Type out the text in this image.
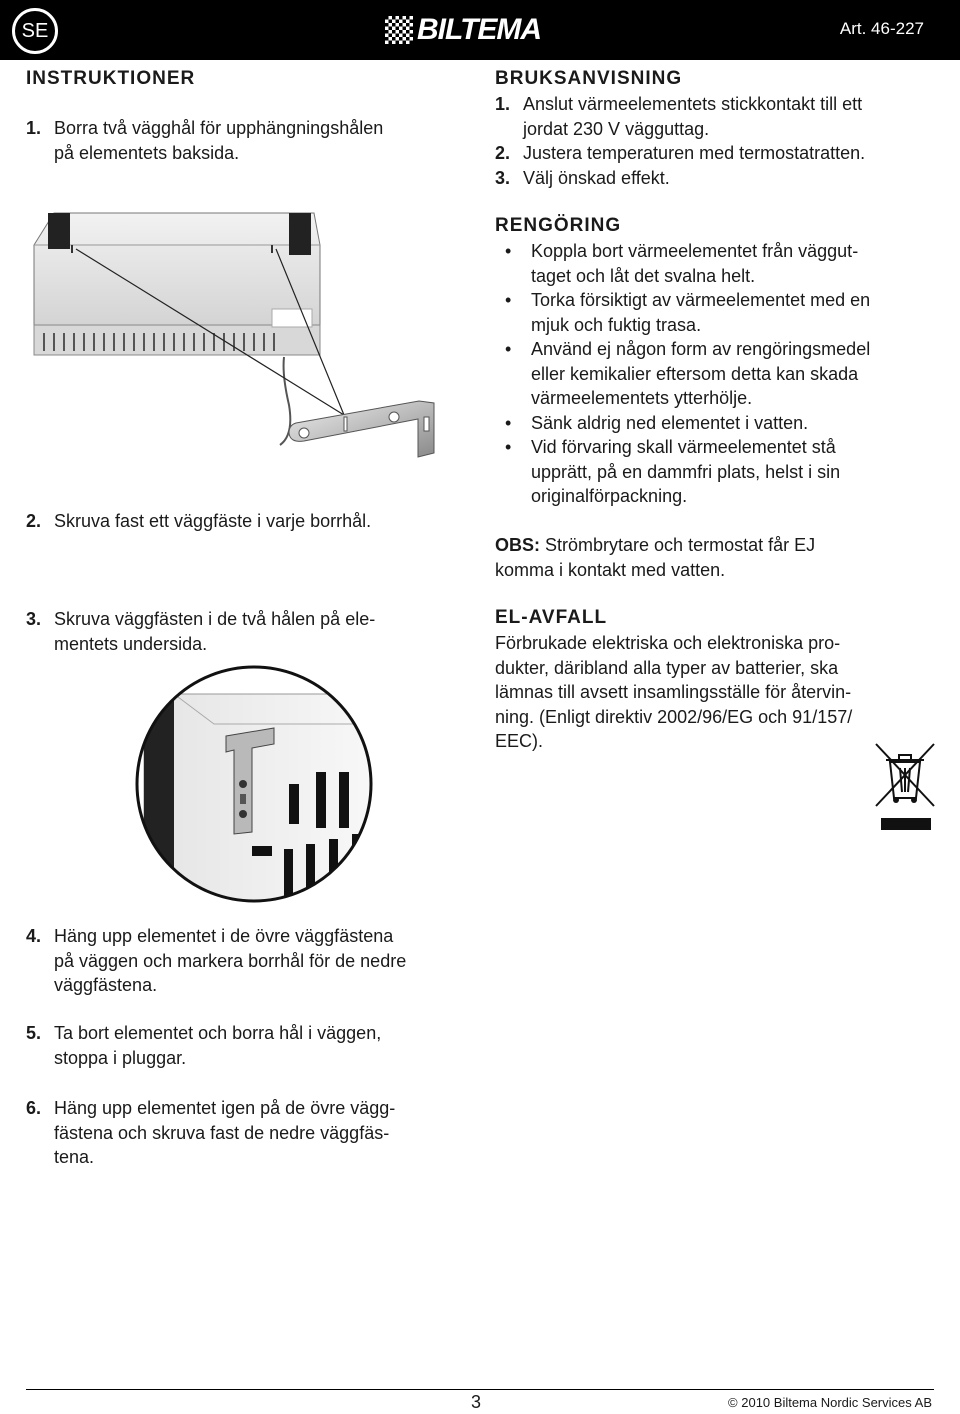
SE	BILTEMA	Art. 46-227
INSTRUKTIONER
1. Borra två vägghål för upphängningshålen
på elementets baksida.
2. Skruva fast ett väggfäste i varje borrhål.
3. Skruva väggfästen i de två hålen på ele-
mentets undersida.
4. Häng upp elementet i de övre väggfästena
på väggen och markera borrhål för de nedre
väggfästena.
5. Ta bort elementet och borra hål i väggen,
stoppa i pluggar.
6. Häng upp elementet igen på de övre vägg-
fästena och skruva fast de nedre väggfäs-
tena.
BRUKSANVISNING
1. Anslut värmeelementets stickkontakt till ett
jordat 230 V vägguttag.
2. Justera temperaturen med termostatratten.
3. Välj önskad effekt.
RENGÖRING
• Koppla bort värmeelementet från väggut-
taget och låt det svalna helt.
• Torka försiktigt av värmeelementet med en
mjuk och fuktig trasa.
• Använd ej någon form av rengöringsmedel
eller kemikalier eftersom detta kan skada
värmeelementets ytterhölje.
• Sänk aldrig ned elementet i vatten.
• Vid förvaring skall värmeelementet stå
upprätt, på en dammfri plats, helst i sin
originalförpackning.
OBS: Strömbrytare och termostat får EJ
komma i kontakt med vatten.
EL-AVFALL
Förbrukade elektriska och elektroniska pro-
dukter, däribland alla typer av batterier, ska
lämnas till avsett insamlingsställe för återvin-
ning. (Enligt direktiv 2002/96/EG och 91/157/
EEC).
3	© 2010 Biltema Nordic Services AB
